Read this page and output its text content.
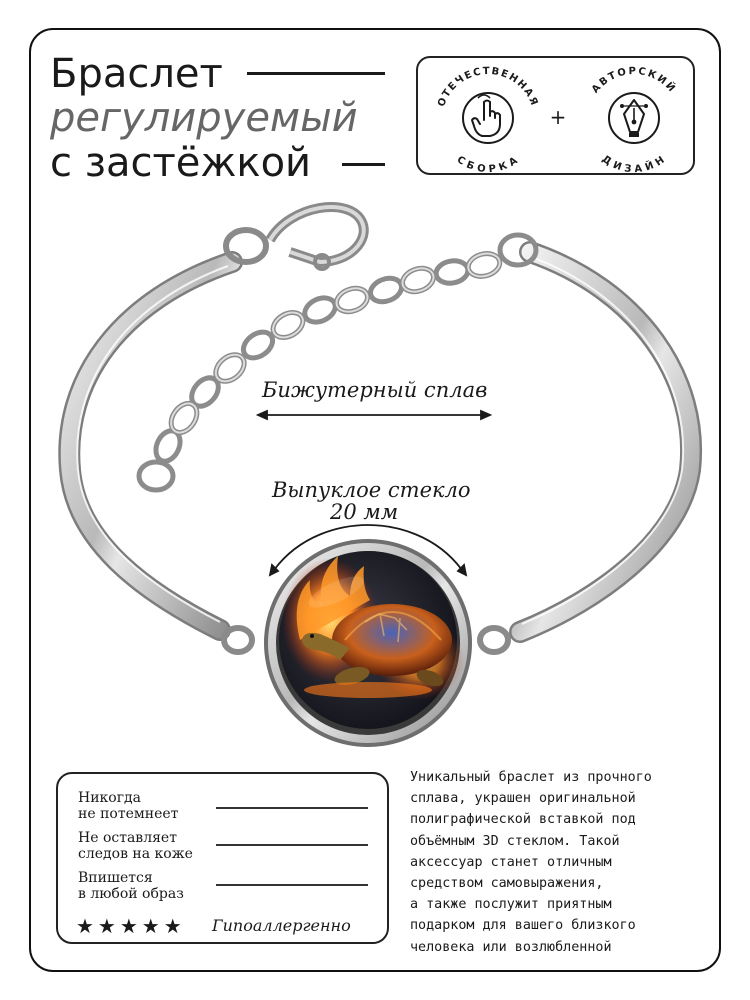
Браслет
регулируемый
с застёжкой
ОТЕЧЕСТВЕННАЯ
СБОРКА
+
АВТОРСКИЙ
ДИЗАЙН
Бижутерный сплав
Выпуклое стекло
20 мм
Никогда
не потемнеет
Не оставляет
следов на коже
Впишется
в любой образ
★★★★★ Гипоаллергенно
Уникальный браслет из прочного
сплава, украшен оригинальной
полиграфической вставкой под
объёмным 3D стеклом. Такой
аксессуар станет отличным
средством самовыражения,
а также послужит приятным
подарком для вашего близкого
человека или возлюбленной
